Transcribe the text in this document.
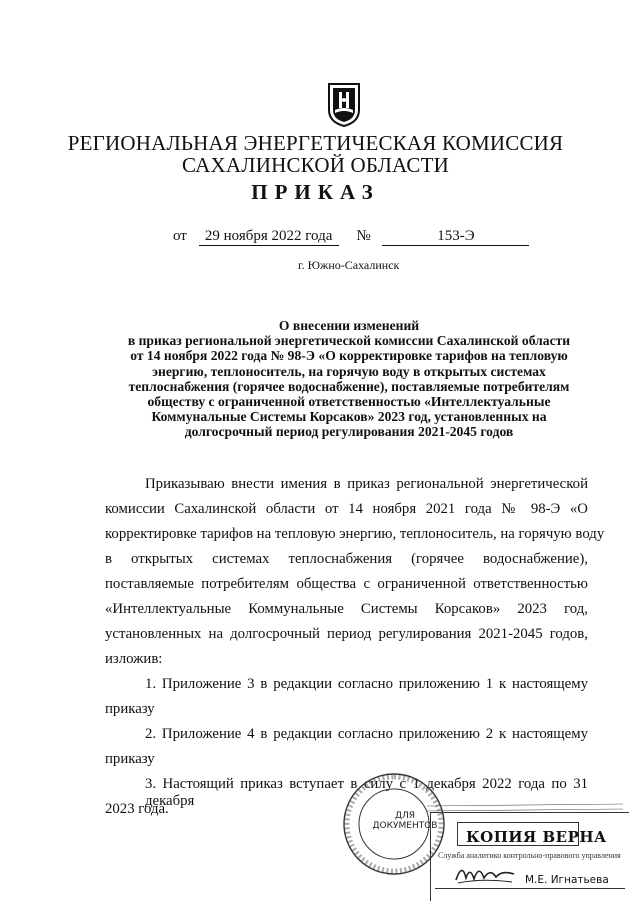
РЕГИОНАЛЬНАЯ ЭНЕРГЕТИЧЕСКАЯ КОМИССИЯ
САХАЛИНСКОЙ ОБЛАСТИ
ПРИКАЗ
от 29 ноября 2022 года №	153-Э
г. Южно-Сахалинск
О внесении изменений
в приказ региональной энергетической комиссии Сахалинской области
от 14 ноября 2022 года № 98-Э «О корректировке тарифов на тепловую
энергию, теплоноситель, на горячую воду в открытых системах
теплоснабжения (горячее водоснабжение), поставляемые потребителям
обществу с ограниченной ответственностью «Интеллектуальные
Коммунальные Системы Корсаков» 2023 год, установленных на
долгосрочный период регулирования 2021-2045 годов
Приказываю внести имения в приказ региональной энергетической
комиссии Сахалинской области от 14 ноября 2021 года № 98-Э «О
корректировке тарифов на тепловую энергию, теплоноситель, на горячую воду
в открытых системах теплоснабжения (горячее водоснабжение),
поставляемые потребителям общества с ограниченной ответственностью
«Интеллектуальные Коммунальные Системы Корсаков» 2023 год,
установленных на долгосрочный период регулирования 2021-2045 годов,
изложив:
1. Приложение 3 в редакции согласно приложению 1 к настоящему
приказу
2. Приложение 4 в редакции согласно приложению 2 к настоящему
приказу
3. Настоящий приказ вступает в силу с 1 декабря 2022 года по 31 декабря
2023 года.	ДЛЯ
ДОКУМЕНТОВ
КОПИЯ ВЕРНА
Служба аналитико контрольно-правового управления
М.Е. Игнатьева
